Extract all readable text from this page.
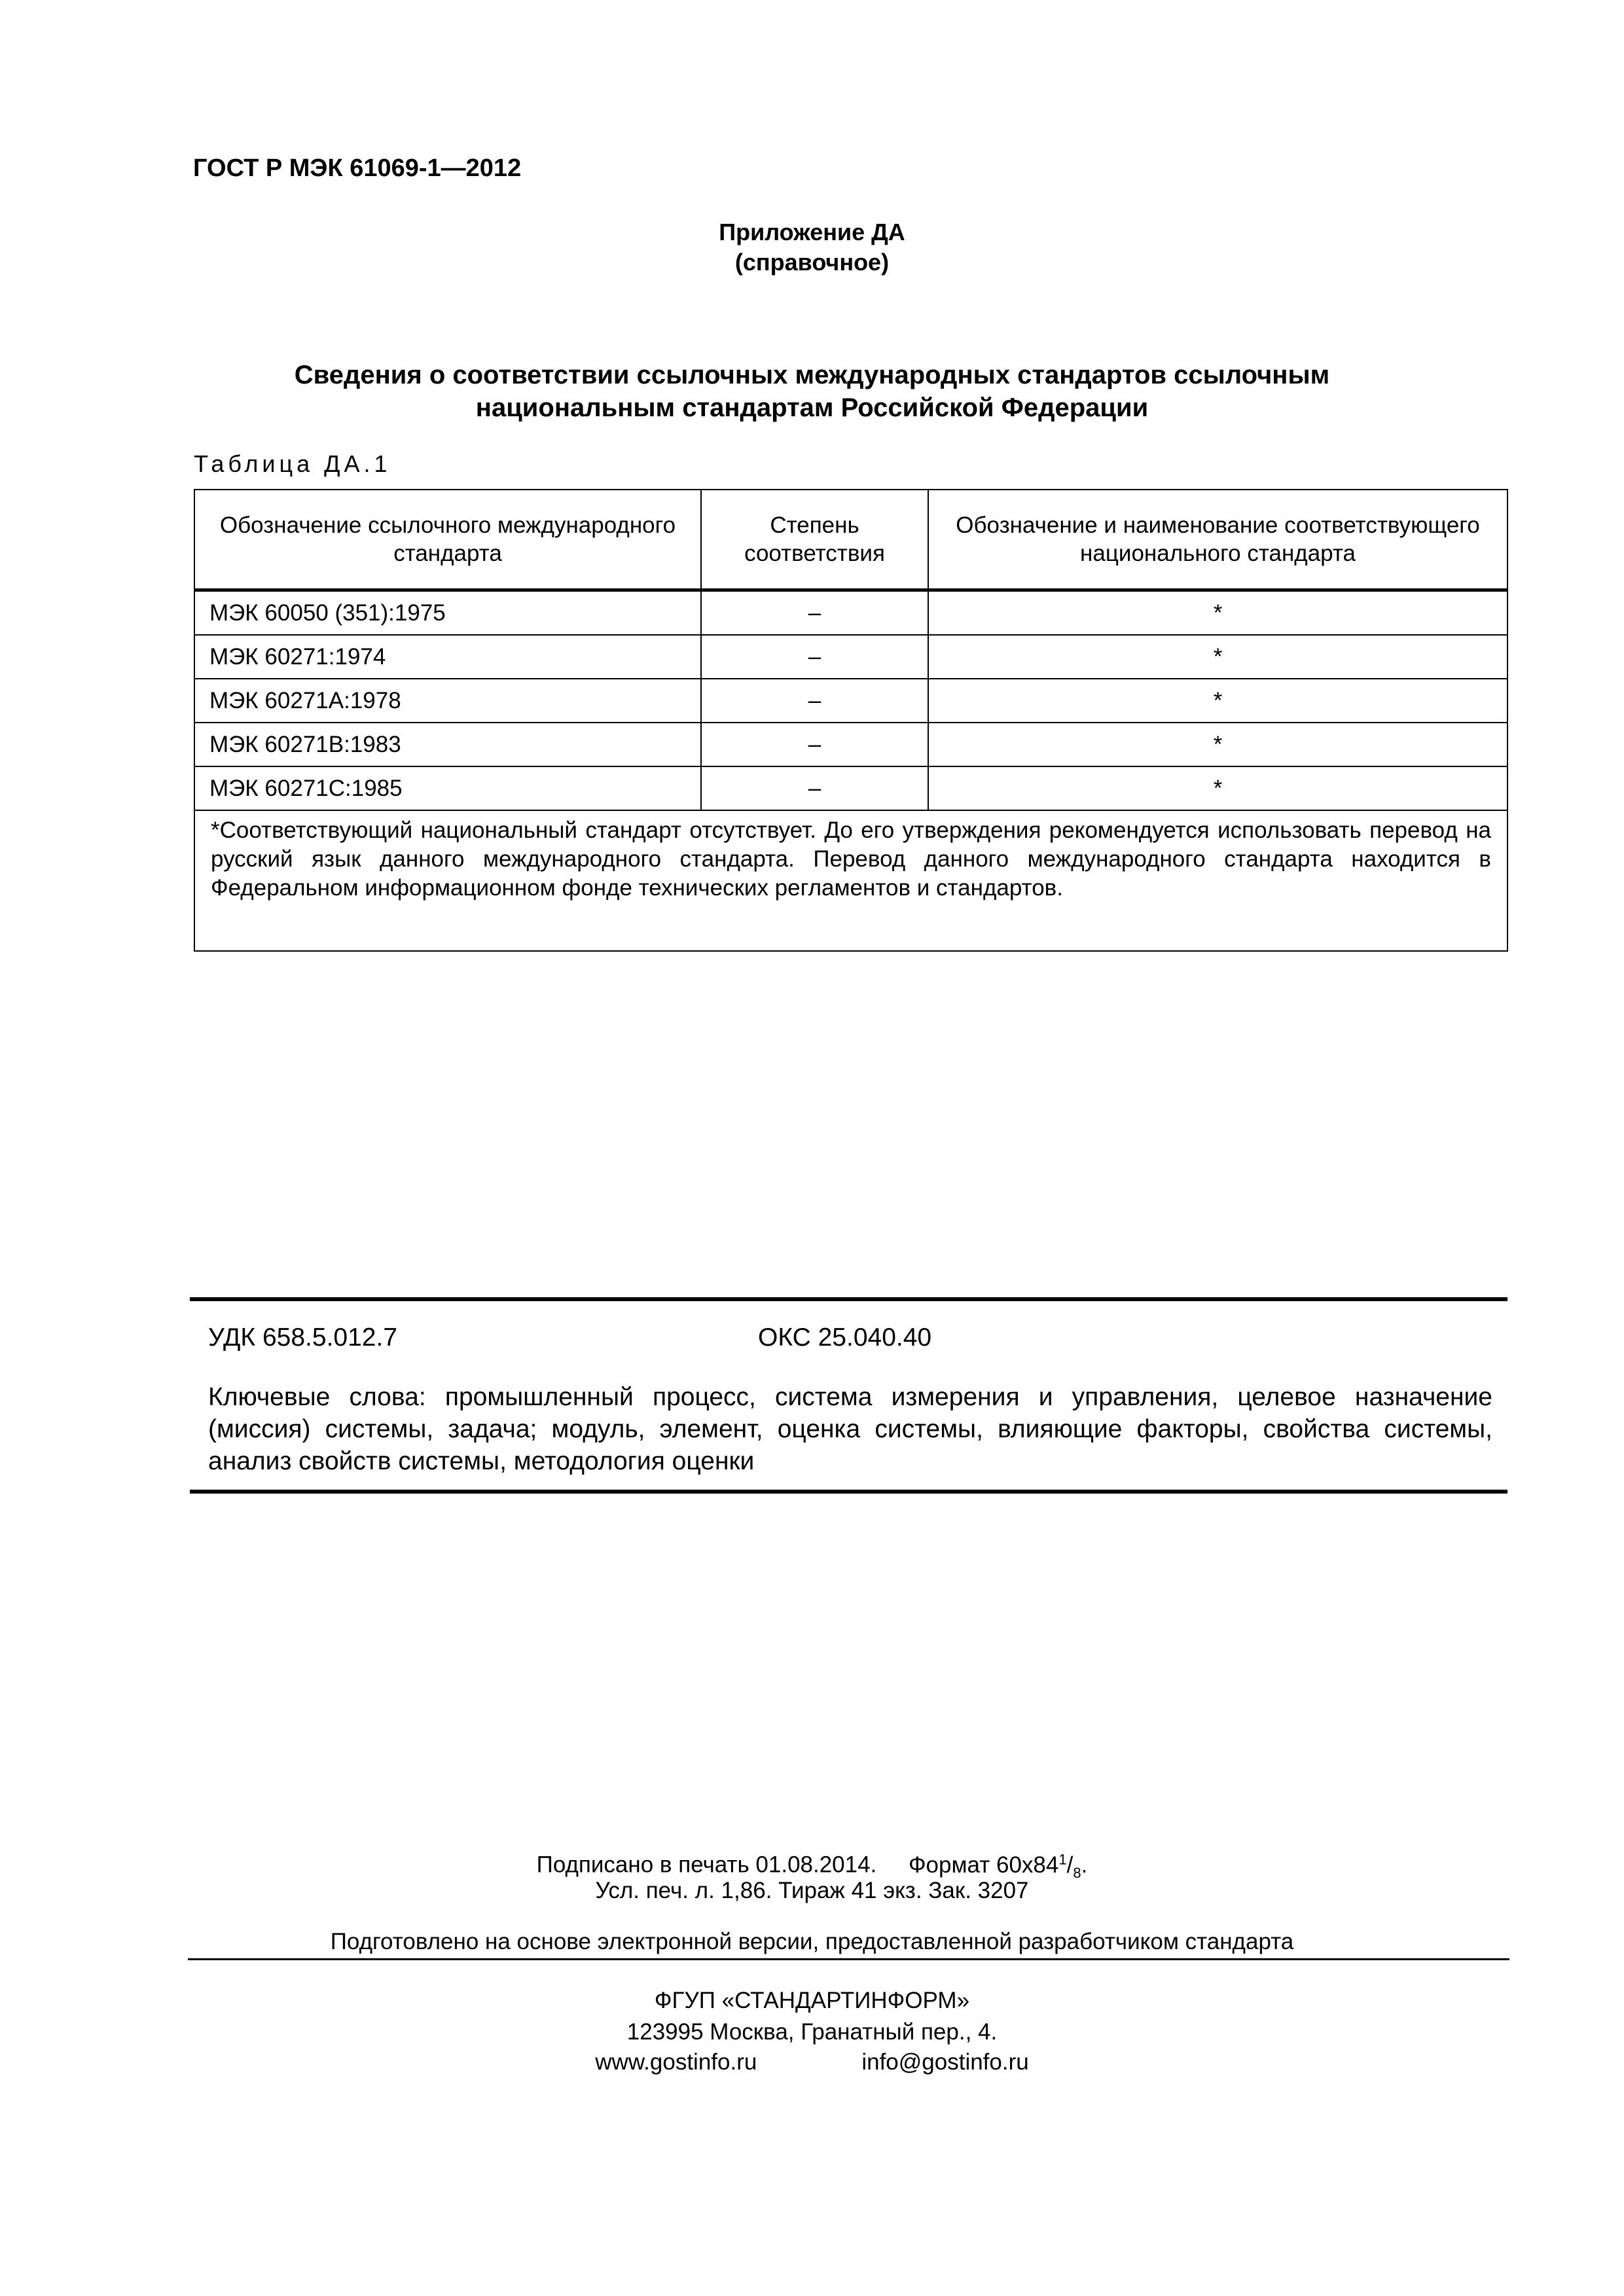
ГОСТ Р МЭК 61069-1—2012
Приложение ДА
(справочное)
Сведения о соответствии ссылочных международных стандартов ссылочным
национальным стандартам Российской Федерации
Таблица ДА.1
Обозначение ссылочного международного стандарта	Степень соответствия	Обозначение и наименование соответствующего национального стандарта
МЭК 60050 (351):1975	–	*
МЭК 60271:1974	–	*
МЭК 60271А:1978	–	*
МЭК 60271В:1983	–	*
МЭК 60271С:1985	–	*
*Соответствующий национальный стандарт отсутствует. До его утверждения рекомендуется использовать перевод на русский язык данного международного стандарта. Перевод данного международного стандарта находится в Федеральном информационном фонде технических регламентов и стандартов.		
УДК 658.5.012.7	ОКС 25.040.40
Ключевые слова: промышленный процесс, система измерения и управления, целевое назначение (миссия) системы, задача; модуль, элемент, оценка системы, влияющие факторы, свойства системы, анализ свойств системы, методология оценки
Подписано в печать 01.08.2014. Формат $60x84^1/_8$.
Усл. печ. л. 1,86. Тираж 41 экз. Зак. 3207
Подготовлено на основе электронной версии, предоставленной разработчиком стандарта
ФГУП «СТАНДАРТИНФОРМ»
123995 Москва, Гранатный пер., 4.
www.gostinfo.ru	info@gostinfo.ru
